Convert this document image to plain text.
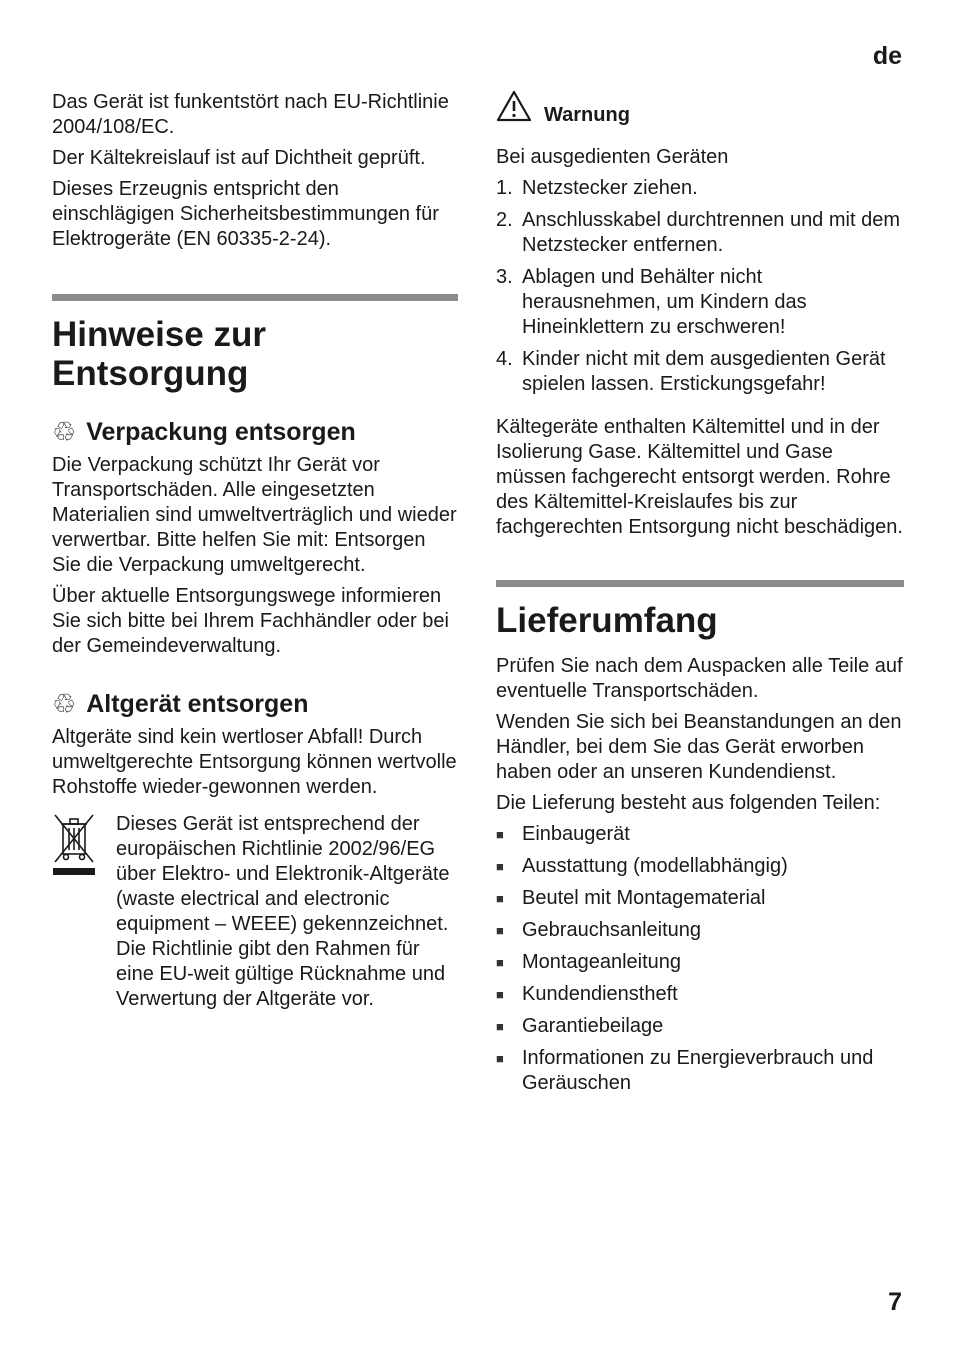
de

Das Gerät ist funkentstört nach EU-Richtlinie 2004/108/EC.

Der Kältekreislauf ist auf Dichtheit geprüft.

Dieses Erzeugnis entspricht den einschlägigen Sicherheitsbestimmungen für Elektrogeräte (EN 60335-2-24).

Hinweise zur
Entsorgung
♲ Verpackung entsorgen

Die Verpackung schützt Ihr Gerät vor Transportschäden. Alle eingesetzten Materialien sind umweltverträglich und wieder verwertbar. Bitte helfen Sie mit: Entsorgen Sie die Verpackung umweltgerecht.

Über aktuelle Entsorgungswege informieren Sie sich bitte bei Ihrem Fachhändler oder bei der Gemeindeverwaltung.

♲ Altgerät entsorgen

Altgeräte sind kein wertloser Abfall! Durch umweltgerechte Entsorgung können wertvolle Rohstoffe wieder-gewonnen werden.

Dieses Gerät ist entsprechend der europäischen Richtlinie 2002/96/EG über Elektro- und Elektronik-Altgeräte (waste electrical and electronic equipment – WEEE) gekennzeichnet. Die Richtlinie gibt den Rahmen für eine EU-weit gültige Rücknahme und Verwertung der Altgeräte vor.

Warnung

Bei ausgedienten Geräten

1. Netzstecker ziehen.
2. Anschlusskabel durchtrennen und mit dem Netzstecker entfernen.
3. Ablagen und Behälter nicht herausnehmen, um Kindern das Hineinklettern zu erschweren!
4. Kinder nicht mit dem ausgedienten Gerät spielen lassen. Erstickungsgefahr!

Kältegeräte enthalten Kältemittel und in der Isolierung Gase. Kältemittel und Gase müssen fachgerecht entsorgt werden. Rohre des Kältemittel-Kreislaufes bis zur fachgerechten Entsorgung nicht beschädigen.

Lieferumfang

Prüfen Sie nach dem Auspacken alle Teile auf eventuelle Transportschäden.

Wenden Sie sich bei Beanstandungen an den Händler, bei dem Sie das Gerät erworben haben oder an unseren Kundendienst.

Die Lieferung besteht aus folgenden Teilen:

■ Einbaugerät
■ Ausstattung (modellabhängig)
■ Beutel mit Montagematerial
■ Gebrauchsanleitung
■ Montageanleitung
■ Kundendienstheft
■ Garantiebeilage
■ Informationen zu Energieverbrauch und Geräuschen
7
